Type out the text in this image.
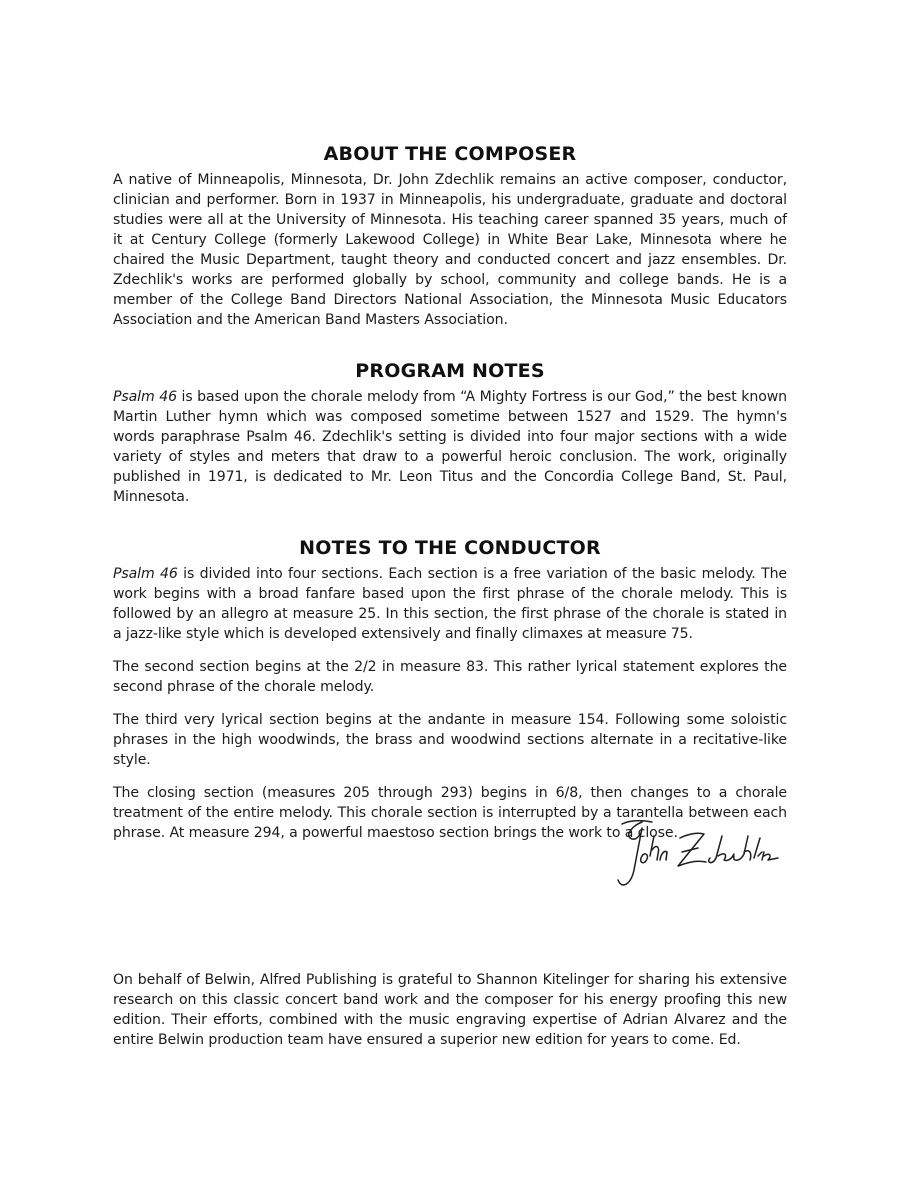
ABOUT THE COMPOSER

A native of Minneapolis, Minnesota, Dr. John Zdechlik remains an active composer, conductor, clinician and performer. Born in 1937 in Minneapolis, his undergraduate, graduate and doctoral studies were all at the University of Minnesota. His teaching career spanned 35 years, much of it at Century College (formerly Lakewood College) in White Bear Lake, Minnesota where he chaired the Music Department, taught theory and conducted concert and jazz ensembles. Dr. Zdechlik's works are performed globally by school, community and college bands. He is a member of the College Band Directors National Association, the Minnesota Music Educators Association and the American Band Masters Association.

PROGRAM NOTES

Psalm 46 is based upon the chorale melody from “A Mighty Fortress is our God,” the best known Martin Luther hymn which was composed sometime between 1527 and 1529. The hymn's words paraphrase Psalm 46. Zdechlik's setting is divided into four major sections with a wide variety of styles and meters that draw to a powerful heroic conclusion. The work, originally published in 1971, is dedicated to Mr. Leon Titus and the Concordia College Band, St. Paul, Minnesota.

NOTES TO THE CONDUCTOR

Psalm 46 is divided into four sections. Each section is a free variation of the basic melody. The work begins with a broad fanfare based upon the first phrase of the chorale melody. This is followed by an allegro at measure 25. In this section, the first phrase of the chorale is stated in a jazz-like style which is developed extensively and finally climaxes at measure 75.

The second section begins at the 2/2 in measure 83. This rather lyrical statement explores the second phrase of the chorale melody.

The third very lyrical section begins at the andante in measure 154. Following some soloistic phrases in the high woodwinds, the brass and woodwind sections alternate in a recitative-like style.

The closing section (measures 205 through 293) begins in 6/8, then changes to a chorale treatment of the entire melody. This chorale section is interrupted by a tarantella between each phrase. At measure 294, a powerful maestoso section brings the work to a close.

On behalf of Belwin, Alfred Publishing is grateful to Shannon Kitelinger for sharing his extensive research on this classic concert band work and the composer for his energy proofing this new edition. Their efforts, combined with the music engraving expertise of Adrian Alvarez and the entire Belwin production team have ensured a superior new edition for years to come. Ed.
